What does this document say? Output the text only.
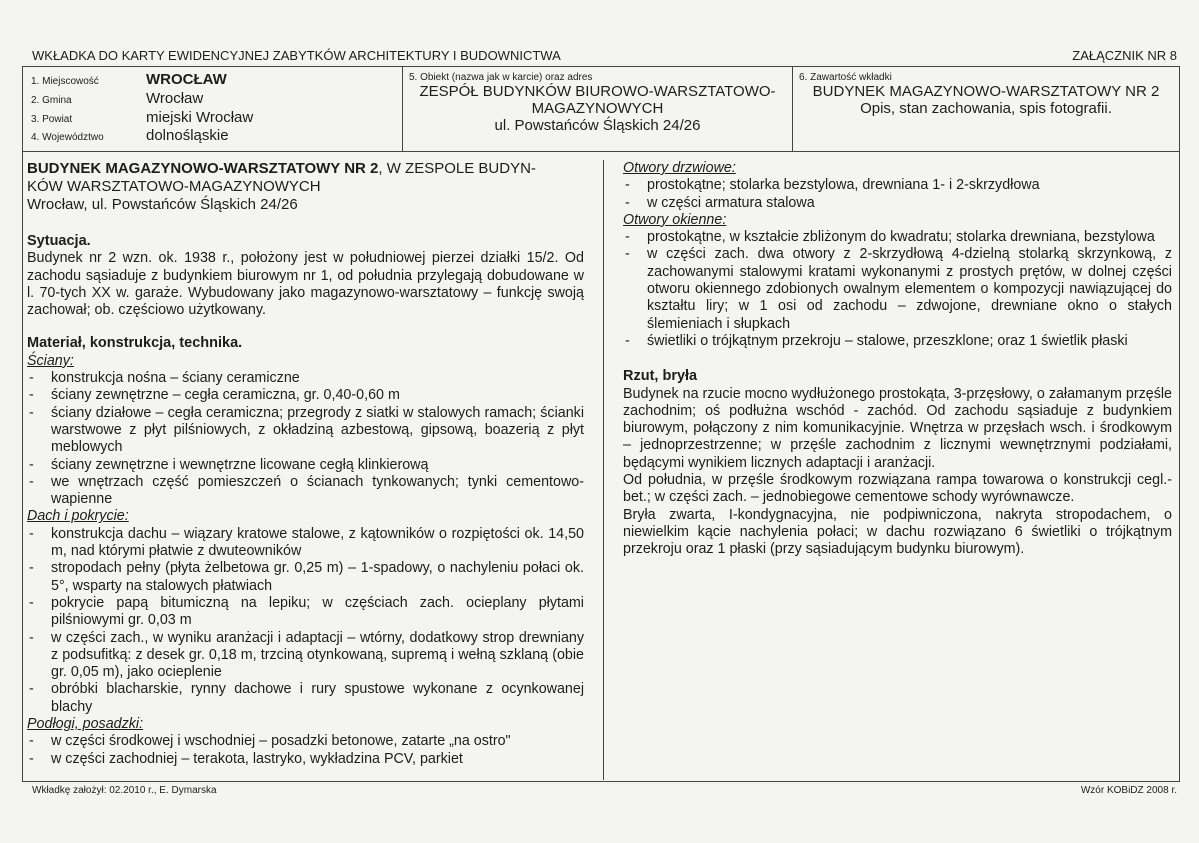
WKŁADKA DO KARTY EWIDENCYJNEJ ZABYTKÓW ARCHITEKTURY I BUDOWNICTWA	ZAŁĄCZNIK NR 8
1. Miejscowość	WROCŁAW
2. Gmina	Wrocław
3. Powiat	miejski Wrocław
4. Województwo	dolnośląskie
5. Obiekt (nazwa jak w karcie) oraz adres
ZESPÓŁ BUDYNKÓW BIUROWO-WARSZTATOWO-
MAGAZYNOWYCH
ul. Powstańców Śląskich 24/26
6. Zawartość wkładki
BUDYNEK MAGAZYNOWO-WARSZTATOWY NR 2
Opis, stan zachowania, spis fotografii.
BUDYNEK MAGAZYNOWO-WARSZTATOWY NR 2, W ZESPOLE BUDYN-
KÓW WARSZTATOWO-MAGAZYNOWYCH
Wrocław, ul. Powstańców Śląskich 24/26
Sytuacja.
Budynek nr 2 wzn. ok. 1938 r., położony jest w południowej pierzei działki 15/2. Od zachodu sąsiaduje z budynkiem biurowym nr 1, od południa przylegają dobudowane w l. 70-tych XX w. garaże. Wybudowany jako magazynowo-warsztatowy – funkcję swoją zachował; ob. częściowo użytkowany.
Materiał, konstrukcja, technika.
Ściany:
- konstrukcja nośna – ściany ceramiczne
- ściany zewnętrzne – cegła ceramiczna, gr. 0,40-0,60 m
- ściany działowe – cegła ceramiczna; przegrody z siatki w stalowych ramach; ścianki warstwowe z płyt pilśniowych, z okładziną azbestową, gipsową, boazerią z płyt meblowych
- ściany zewnętrzne i wewnętrzne licowane cegłą klinkierową
- we wnętrzach część pomieszczeń o ścianach tynkowanych; tynki cementowo-wapienne
Dach i pokrycie:
- konstrukcja dachu – wiązary kratowe stalowe, z kątowników o rozpiętości ok. 14,50 m, nad którymi płatwie z dwuteowników
- stropodach pełny (płyta żelbetowa gr. 0,25 m) – 1-spadowy, o nachyleniu połaci ok. 5°, wsparty na stalowych płatwiach
- pokrycie papą bitumiczną na lepiku; w częściach zach. ocieplany płytami pilśniowymi gr. 0,03 m
- w części zach., w wyniku aranżacji i adaptacji – wtórny, dodatkowy strop drewniany z podsufitką: z desek gr. 0,18 m, trzciną otynkowaną, supremą i wełną szklaną (obie gr. 0,05 m), jako ocieplenie
- obróbki blacharskie, rynny dachowe i rury spustowe wykonane z ocynkowanej blachy
Podłogi, posadzki:
- w części środkowej i wschodniej – posadzki betonowe, zatarte „na ostro"
- w części zachodniej – terakota, lastryko, wykładzina PCV, parkiet
Otwory drzwiowe:
- prostokątne; stolarka bezstylowa, drewniana 1- i 2-skrzydłowa
- w części armatura stalowa
Otwory okienne:
- prostokątne, w kształcie zbliżonym do kwadratu; stolarka drewniana, bezstylowa
- w części zach. dwa otwory z 2-skrzydłową 4-dzielną stolarką skrzynkową, z zachowanymi stalowymi kratami wykonanymi z prostych prętów, w dolnej części otworu okiennego zdobionych owalnym elementem o kompozycji nawiązującej do kształtu liry; w 1 osi od zachodu – zdwojone, drewniane okno o stałych ślemieniach i słupkach
- świetliki o trójkątnym przekroju – stalowe, przeszklone; oraz 1 świetlik płaski
Rzut, bryła
Budynek na rzucie mocno wydłużonego prostokąta, 3-przęsłowy, o załamanym przęśle zachodnim; oś podłużna wschód - zachód. Od zachodu sąsiaduje z budynkiem biurowym, połączony z nim komunikacyjnie. Wnętrza w przęsłach wsch. i środkowym – jednoprzestrzenne; w przęśle zachodnim z licznymi wewnętrznymi podziałami, będącymi wynikiem licznych adaptacji i aranżacji.
Od południa, w przęśle środkowym rozwiązana rampa towarowa o konstrukcji cegl.-bet.; w części zach. – jednobiegowe cementowe schody wyrównawcze.
Bryła zwarta, I-kondygnacyjna, nie podpiwniczona, nakryta stropodachem, o niewielkim kącie nachylenia połaci; w dachu rozwiązano 6 świetliki o trójkątnym przekroju oraz 1 płaski (przy sąsiadującym budynku biurowym).
Wkładkę założył: 02.2010 r., E. Dymarska	Wzór KOBiDZ 2008 r.
